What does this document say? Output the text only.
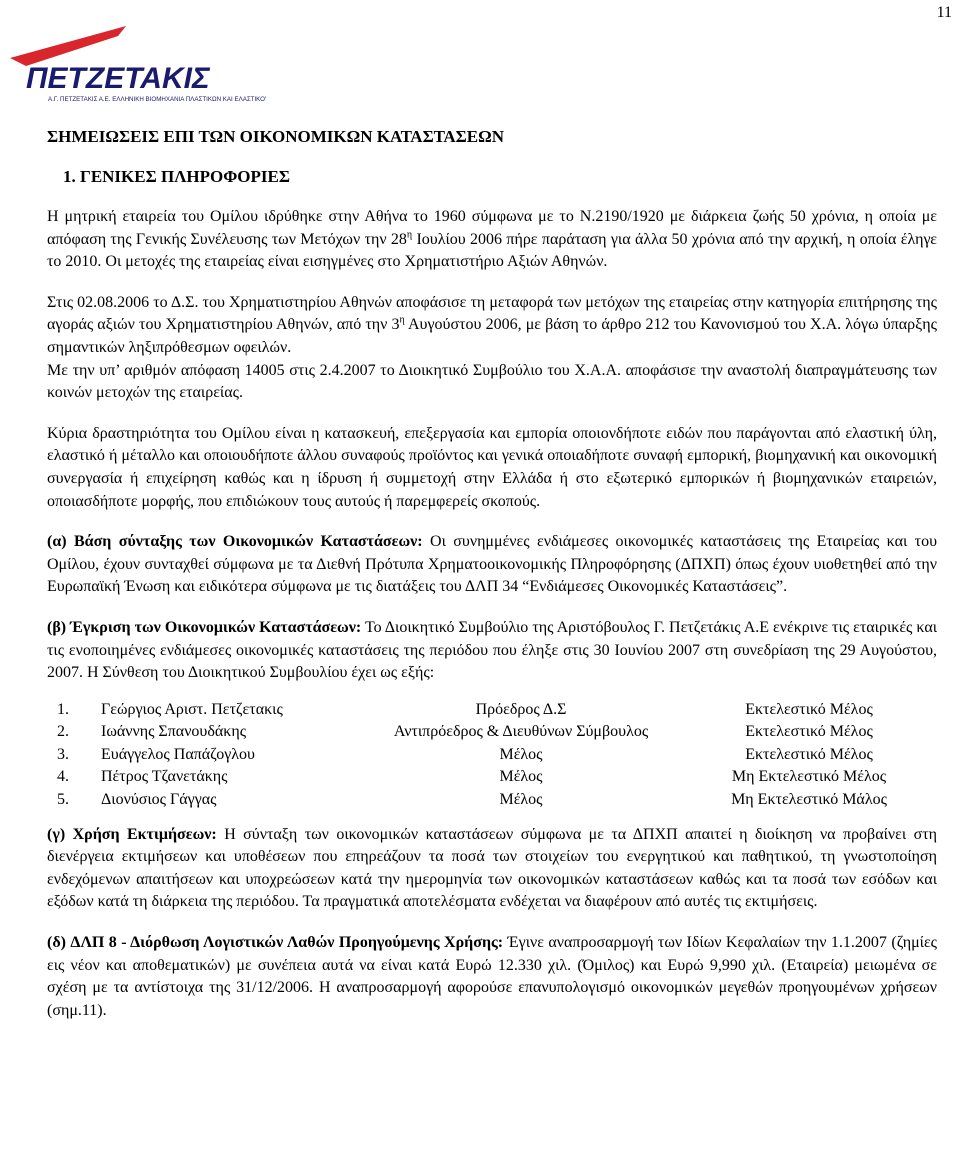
11
ΠΕΤΖΕΤΑΚΙΣ
Α.Γ. ΠΕΤΖΕΤΑΚΙΣ Α.Ε. ΕΛΛΗΝΙΚΗ ΒΙΟΜΗΧΑΝΙΑ ΠΛΑΣΤΙΚΩΝ ΚΑΙ ΕΛΑΣΤΙΚΟΥ
ΣΗΜΕΙΩΣΕΙΣ ΕΠΙ ΤΩΝ ΟΙΚΟΝΟΜΙΚΩΝ ΚΑΤΑΣΤΑΣΕΩΝ
1. ΓΕΝΙΚΕΣ ΠΛΗΡΟΦΟΡΙΕΣ

Η μητρική εταιρεία του Ομίλου ιδρύθηκε στην Αθήνα το 1960 σύμφωνα με το Ν.2190/1920 με διάρκεια ζωής 50 χρόνια, η οποία με απόφαση της Γενικής Συνέλευσης των Μετόχων την $28^\eta$ Ιουλίου 2006 πήρε παράταση για άλλα 50 χρόνια από την αρχική, η οποία έληγε το 2010. Οι μετοχές της εταιρείας είναι εισηγμένες στο Χρηματιστήριο Αξιών Αθηνών.

Στις 02.08.2006 το Δ.Σ. του Χρηματιστηρίου Αθηνών αποφάσισε τη μεταφορά των μετόχων της εταιρείας στην κατηγορία επιτήρησης της αγοράς αξιών του Χρηματιστηρίου Αθηνών, από την $3^\eta$ Αυγούστου 2006, με βάση το άρθρο 212 του Κανονισμού του Χ.Α. λόγω ύπαρξης σημαντικών ληξιπρόθεσμων οφειλών.

Με την υπ’ αριθμόν απόφαση 14005 στις 2.4.2007 το Διοικητικό Συμβούλιο του Χ.Α.Α. αποφάσισε την αναστολή διαπραγμάτευσης των κοινών μετοχών της εταιρείας.

Κύρια δραστηριότητα του Ομίλου είναι η κατασκευή, επεξεργασία και εμπορία οποιονδήποτε ειδών που παράγονται από ελαστική ύλη, ελαστικό ή μέταλλο και οποιουδήποτε άλλου συναφούς προϊόντος και γενικά οποιαδήποτε συναφή εμπορική, βιομηχανική και οικονομική συνεργασία ή επιχείρηση καθώς και η ίδρυση ή συμμετοχή στην Ελλάδα ή στο εξωτερικό εμπορικών ή βιομηχανικών εταιρειών, οποιασδήποτε μορφής, που επιδιώκουν τους αυτούς ή παρεμφερείς σκοπούς.

(α) Βάση σύνταξης των Οικονομικών Καταστάσεων: Οι συνημμένες ενδιάμεσες οικονομικές καταστάσεις της Εταιρείας και του Ομίλου, έχουν συνταχθεί σύμφωνα με τα Διεθνή Πρότυπα Χρηματοοικονομικής Πληροφόρησης (ΔΠΧΠ) όπως έχουν υιοθετηθεί από την Ευρωπαϊκή Ένωση και ειδικότερα σύμφωνα με τις διατάξεις του ΔΛΠ 34 “Ενδιάμεσες Οικονομικές Καταστάσεις”.

(β) Έγκριση των Οικονομικών Καταστάσεων: Το Διοικητικό Συμβούλιο της Αριστόβουλος Γ. Πετζετάκις Α.Ε ενέκρινε τις εταιρικές και τις ενοποιημένες ενδιάμεσες οικονομικές καταστάσεις της περιόδου που έληξε στις 30 Ιουνίου 2007 στη συνεδρίαση της 29 Αυγούστου, 2007. Η Σύνθεση του Διοικητικού Συμβουλίου έχει ως εξής:

1.	Γεώργιος Αριστ. Πετζετακις	Πρόεδρος Δ.Σ	Εκτελεστικό Μέλος
2.	Ιωάννης Σπανουδάκης	Αντιπρόεδρος & Διευθύνων Σύμβουλος	Εκτελεστικό Μέλος
3.	Ευάγγελος Παπάζογλου	Μέλος	Εκτελεστικό Μέλος
4.	Πέτρος Τζανετάκης	Μέλος	Μη Εκτελεστικό Μέλος
5.	Διονύσιος Γάγγας	Μέλος	Μη Εκτελεστικό Μάλος

(γ) Χρήση Εκτιμήσεων: Η σύνταξη των οικονομικών καταστάσεων σύμφωνα με τα ΔΠΧΠ απαιτεί η διοίκηση να προβαίνει στη διενέργεια εκτιμήσεων και υποθέσεων που επηρεάζουν τα ποσά των στοιχείων του ενεργητικού και παθητικού, τη γνωστοποίηση ενδεχόμενων απαιτήσεων και υποχρεώσεων κατά την ημερομηνία των οικονομικών καταστάσεων καθώς και τα ποσά των εσόδων και εξόδων κατά τη διάρκεια της περιόδου. Τα πραγματικά αποτελέσματα ενδέχεται να διαφέρουν από αυτές τις εκτιμήσεις.

(δ) ΔΛΠ 8 - Διόρθωση Λογιστικών Λαθών Προηγούμενης Χρήσης: Έγινε αναπροσαρμογή των Ιδίων Κεφαλαίων την 1.1.2007 (ζημίες εις νέον και αποθεματικών) με συνέπεια αυτά να είναι κατά Ευρώ 12.330 χιλ. (Όμιλος) και Ευρώ 9,990 χιλ. (Εταιρεία) μειωμένα σε σχέση με τα αντίστοιχα της 31/12/2006. Η αναπροσαρμογή αφορούσε επανυπολογισμό οικονομικών μεγεθών προηγουμένων χρήσεων (σημ.11).
